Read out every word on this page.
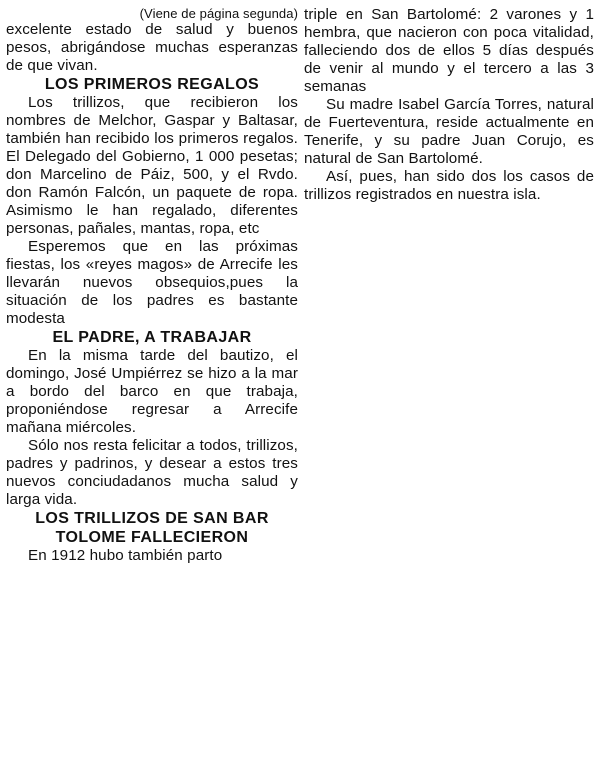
(Viene de página segunda)

excelente estado de salud y buenos pesos, abrigándose muchas esperanzas de que vivan.

LOS PRIMEROS REGALOS

Los trillizos, que recibieron los nombres de Melchor, Gaspar y Baltasar, también han recibido los primeros regalos. El Delegado del Gobierno, 1 000 pesetas; don Marcelino de Páiz, 500, y el Rvdo. don Ramón Falcón, un paquete de ropa. Asimismo le han regalado, diferentes personas, pañales, mantas, ropa, etc

Esperemos que en las próximas fiestas, los «reyes magos» de Arrecife les llevarán nuevos obsequios,pues la situación de los padres es bastante modesta

EL PADRE, A TRABAJAR

En la misma tarde del bautizo, el domingo, José Umpiérrez se hizo a la mar a bordo del barco en que trabaja, proponiéndose regresar a Arrecife mañana miércoles.

Sólo nos resta felicitar a todos, trillizos, padres y padrinos, y desear a estos tres nuevos conciudadanos mucha salud y larga vida.

LOS TRILLIZOS DE SAN BAR
TOLOME FALLECIERON

En 1912 hubo también parto

triple en San Bartolomé: 2 varones y 1 hembra, que nacieron con poca vitalidad, falleciendo dos de ellos 5 días después de venir al mundo y el tercero a las 3 semanas

Su madre Isabel García Torres, natural de Fuerteventura, reside actualmente en Tenerife, y su padre Juan Corujo, es natural de San Bartolomé.

Así, pues, han sido dos los casos de trillizos registrados en nuestra isla.
